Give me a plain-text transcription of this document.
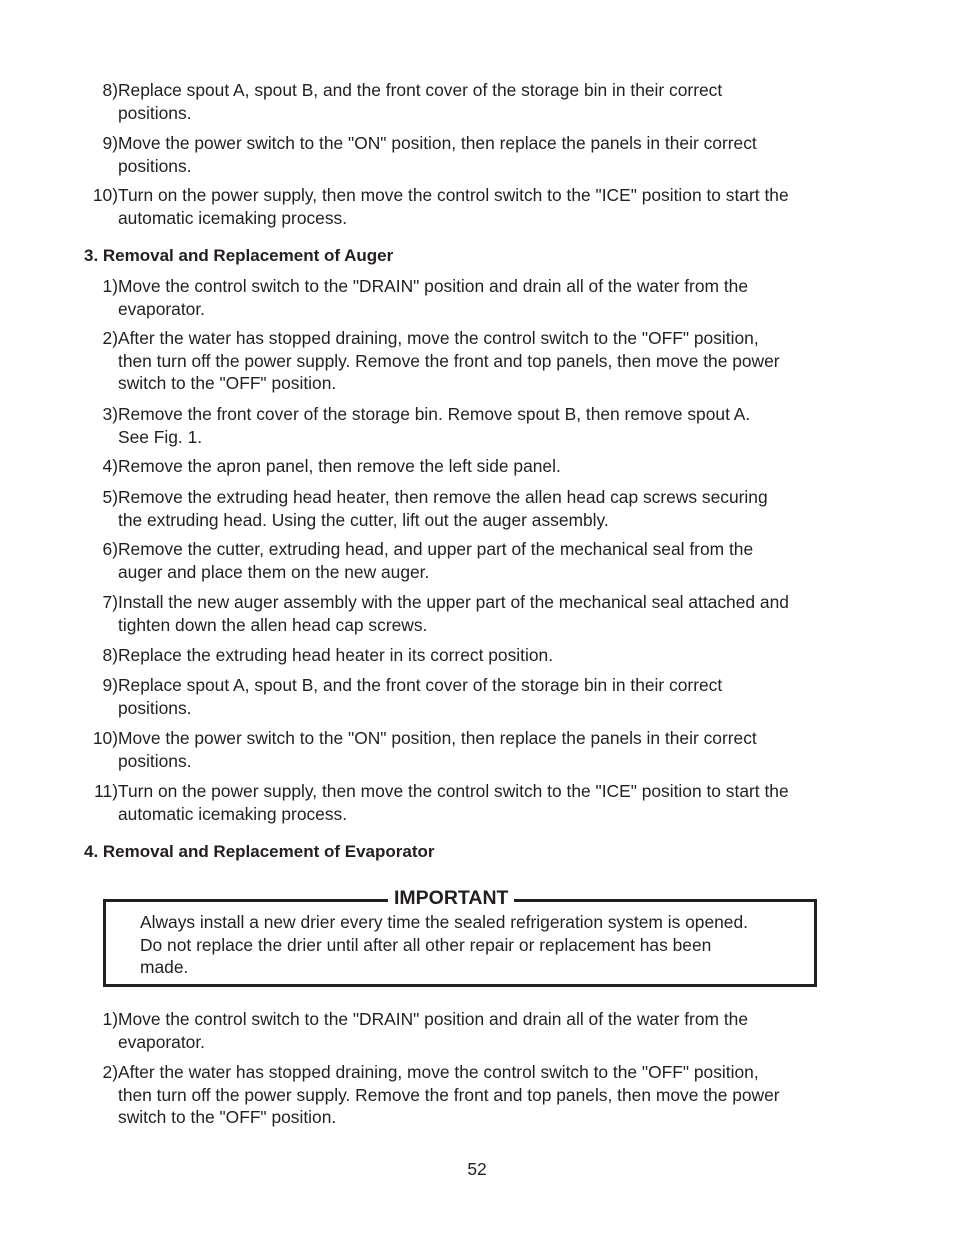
8) Replace spout A, spout B, and the front cover of the storage bin in their correct
positions.
9) Move the power switch to the "ON" position, then replace the panels in their correct
positions.
10) Turn on the power supply, then move the control switch to the "ICE" position to start the
automatic icemaking process.
3. Removal and Replacement of Auger
1) Move the control switch to the "DRAIN" position and drain all of the water from the
evaporator.
2) After the water has stopped draining, move the control switch to the "OFF" position,
then turn off the power supply. Remove the front and top panels, then move the power
switch to the "OFF" position.
3) Remove the front cover of the storage bin. Remove spout B, then remove spout A.
See Fig. 1.
4) Remove the apron panel, then remove the left side panel.
5) Remove the extruding head heater, then remove the allen head cap screws securing
the extruding head. Using the cutter, lift out the auger assembly.
6) Remove the cutter, extruding head, and upper part of the mechanical seal from the
auger and place them on the new auger.
7) Install the new auger assembly with the upper part of the mechanical seal attached and
tighten down the allen head cap screws.
8) Replace the extruding head heater in its correct position.
9) Replace spout A, spout B, and the front cover of the storage bin in their correct
positions.
10) Move the power switch to the "ON" position, then replace the panels in their correct
positions.
11) Turn on the power supply, then move the control switch to the "ICE" position to start the
automatic icemaking process.
4. Removal and Replacement of Evaporator
IMPORTANT
Always install a new drier every time the sealed refrigeration system is opened.
Do not replace the drier until after all other repair or replacement has been
made.
1) Move the control switch to the "DRAIN" position and drain all of the water from the
evaporator.
2) After the water has stopped draining, move the control switch to the "OFF" position,
then turn off the power supply. Remove the front and top panels, then move the power
switch to the "OFF" position.
52
